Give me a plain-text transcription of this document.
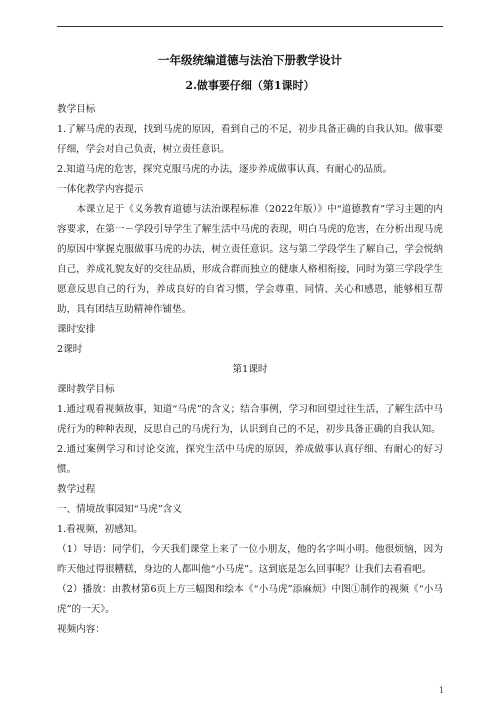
一年级统编道德与法治下册教学设计
2.做事要仔细（第1课时）

教学目标

1.了解马虎的表现，找到马虎的原因，看到自己的不足，初步具备正确的自我认知。做事要仔细，学会对自己负责，树立责任意识。

2.知道马虎的危害，探究克服马虎的办法，逐步养成做事认真、有耐心的品质。

一体化教学内容提示

本课立足于《义务教育道德与法治课程标准（2022年版）》中“道德教育”学习主题的内容要求，在第一－学段引导学生了解生活中马虎的表现，明白马虎的危害，在分析出现马虎的原因中掌握克服做事马虎的办法，树立责任意识。这与第二学段学生了解自己，学会悦纳自己，养成礼貌友好的交往品质，形成合群而独立的健康人格相衔接，同时为第三学段学生愿意反思自己的行为，养成良好的自省习惯，学会尊重、同情、关心和感恩，能够相互帮助，具有团结互助精神作铺垫。

课时安排

2课时

第1课时

课时教学目标

1.通过观看视频故事，知道“马虎”的含义；结合事例，学习和回望过往生活，了解生活中马虎行为的种种表现，反思自己的马虎行为，认识到自己的不足，初步具备正确的自我认知。

2.通过案例学习和讨论交流，探究生活中马虎的原因，养成做事认真仔细、有耐心的好习惯。

教学过程

一、情境故事园知“马虎”含义

1.看视频，初感知。

（1）导语：同学们，今天我们课堂上来了一位小朋友，他的名字叫小明。他很烦恼，因为昨天他过得很糟糕，身边的人都叫他“小马虎”。这到底是怎么回事呢？让我们去看看吧。

（2）播放：由教材第6页上方三幅图和绘本《“小马虎”添麻烦》中图①制作的视频《“小马虎”的一天》。

视频内容：

1
